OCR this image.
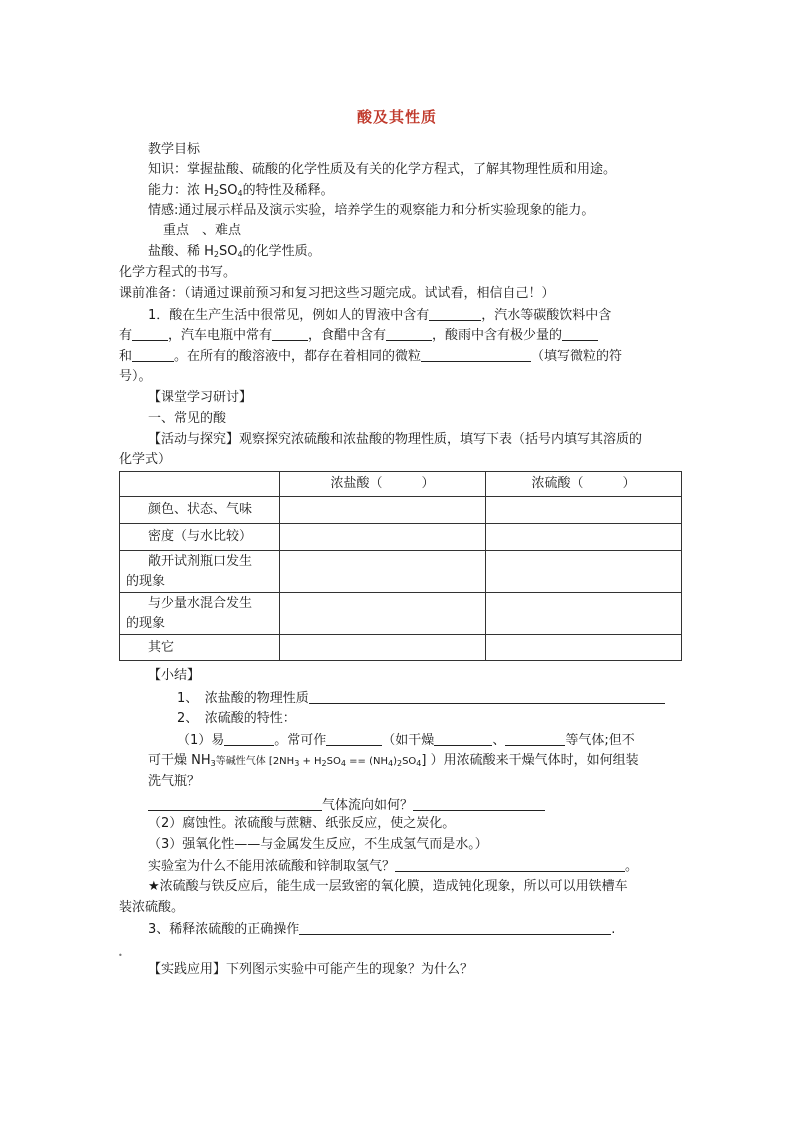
酸及其性质
教学目标
知识：掌握盐酸、硫酸的化学性质及有关的化学方程式，了解其物理性质和用途。
能力：浓 $H_2SO_4$的特性及稀释。
情感:通过展示样品及演示实验，培养学生的观察能力和分析实验现象的能力。
重点　、难点
盐酸、稀 $H_2SO_4$的化学性质。
化学方程式的书写。
课前准备：（请通过课前预习和复习把这些习题完成。试试看，相信自己！）
1．酸在生产生活中很常见，例如人的胃液中含有	，汽水等碳酸饮料中含
有	，汽车电瓶中常有	，食醋中含有	，酸雨中含有极少量的
和	。在所有的酸溶液中，都存在着相同的微粒	（填写微粒的符
号）。
【课堂学习研讨】
一、常见的酸
【活动与探究】观察探究浓硫酸和浓盐酸的物理性质，填写下表（括号内填写其溶质的
化学式）
	浓盐酸（　　　）	浓硫酸（　　　）
颜色、状态、气味		
密度（与水比较）		

敞开试剂瓶口发生
的现象		

与少量水混合发生
的现象		

其它		
【小结】
1、　浓盐酸的物理性质
2、　浓硫酸的特性：
（1）易	。常可作	（如干燥	、	等气体;但不
可干燥 $NH_3$等碱性气体 $[2NH_3 + H_2SO_4 == (NH_4)_2SO_4]$ ）用浓硫酸来干燥气体时，如何组装
洗气瓶？
气体流向如何？
（2）腐蚀性。浓硫酸与蔗糖、纸张反应，使之炭化。
（3）强氧化性——与金属发生反应，不生成氢气而是水。）
实验室为什么不能用浓硫酸和锌制取氢气？	。
★浓硫酸与铁反应后，能生成一层致密的氧化膜，造成钝化现象，所以可以用铁槽车
装浓硫酸。
3、稀释浓硫酸的正确操作	.
•
【实践应用】下列图示实验中可能产生的现象？为什么？
